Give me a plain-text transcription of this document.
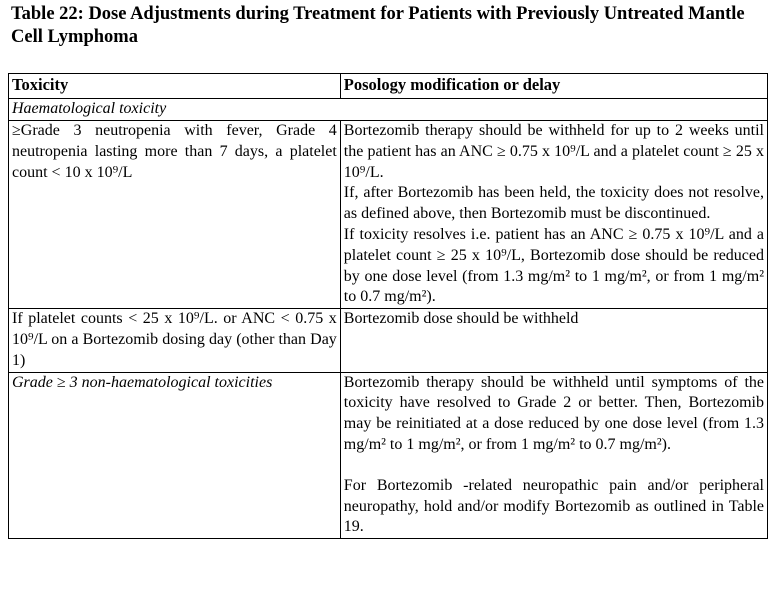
Table 22: Dose Adjustments during Treatment for Patients with Previously Untreated Mantle Cell Lymphoma
Toxicity	Posology modification or delay
Haematological toxicity	

≥Grade 3 neutropenia with fever, Grade 4 neutropenia lasting more than 7 days, a platelet count < 10 x 10⁹/L	Bortezomib therapy should be withheld for up to 2 weeks until the patient has an ANC ≥ 0.75 x 10⁹/L and a platelet count ≥ 25 x 10⁹/L.

If, after Bortezomib has been held, the toxicity does not resolve, as defined above, then Bortezomib must be discontinued.

If toxicity resolves i.e. patient has an ANC ≥ 0.75 x 10⁹/L and a platelet count ≥ 25 x 10⁹/L, Bortezomib dose should be reduced by one dose level (from 1.3 mg/m² to 1 mg/m², or from 1 mg/m² to 0.7 mg/m²).

If platelet counts < 25 x 10⁹/L. or ANC < 0.75 x 10⁹/L on a Bortezomib dosing day (other than Day 1)	Bortezomib dose should be withheld

Grade ≥ 3 non-haematological toxicities	Bortezomib therapy should be withheld until symptoms of the toxicity have resolved to Grade 2 or better. Then, Bortezomib may be reinitiated at a dose reduced by one dose level (from 1.3 mg/m² to 1 mg/m², or from 1 mg/m² to 0.7 mg/m²).

For Bortezomib -related neuropathic pain and/or peripheral neuropathy, hold and/or modify Bortezomib as outlined in Table 19.
